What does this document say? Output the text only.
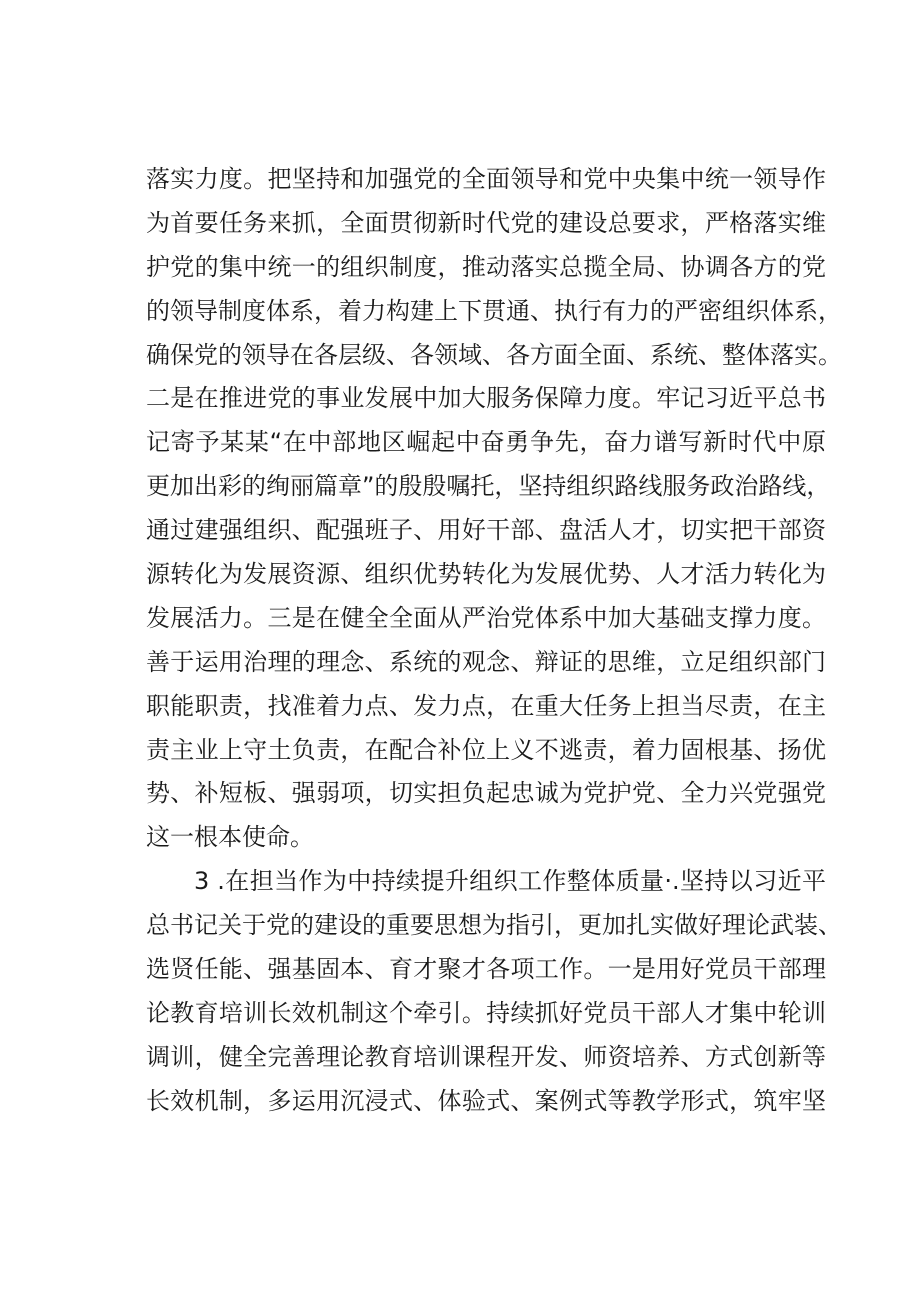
落实力度。把坚持和加强党的全面领导和党中央集中统一领导作
为首要任务来抓，全面贯彻新时代党的建设总要求，严格落实维
护党的集中统一的组织制度，推动落实总揽全局、协调各方的党
的领导制度体系，着力构建上下贯通、执行有力的严密组织体系，
确保党的领导在各层级、各领域、各方面全面、系统、整体落实。
二是在推进党的事业发展中加大服务保障力度。牢记习近平总书
记寄予某某“在中部地区崛起中奋勇争先，奋力谱写新时代中原
更加出彩的绚丽篇章”的殷殷嘱托，坚持组织路线服务政治路线，
通过建强组织、配强班子、用好干部、盘活人才，切实把干部资
源转化为发展资源、组织优势转化为发展优势、人才活力转化为
发展活力。三是在健全全面从严治党体系中加大基础支撑力度。
善于运用治理的理念、系统的观念、辩证的思维，立足组织部门
职能职责，找准着力点、发力点，在重大任务上担当尽责，在主
责主业上守土负责，在配合补位上义不逃责，着力固根基、扬优
势、补短板、强弱项，切实担负起忠诚为党护党、全力兴党强党
这一根本使命。
3 .在担当作为中持续提升组织工作整体质量·.坚持以习近平
总书记关于党的建设的重要思想为指引，更加扎实做好理论武装、
选贤任能、强基固本、育才聚才各项工作。一是用好党员干部理
论教育培训长效机制这个牵引。持续抓好党员干部人才集中轮训
调训，健全完善理论教育培训课程开发、师资培养、方式创新等
长效机制，多运用沉浸式、体验式、案例式等教学形式，筑牢坚
